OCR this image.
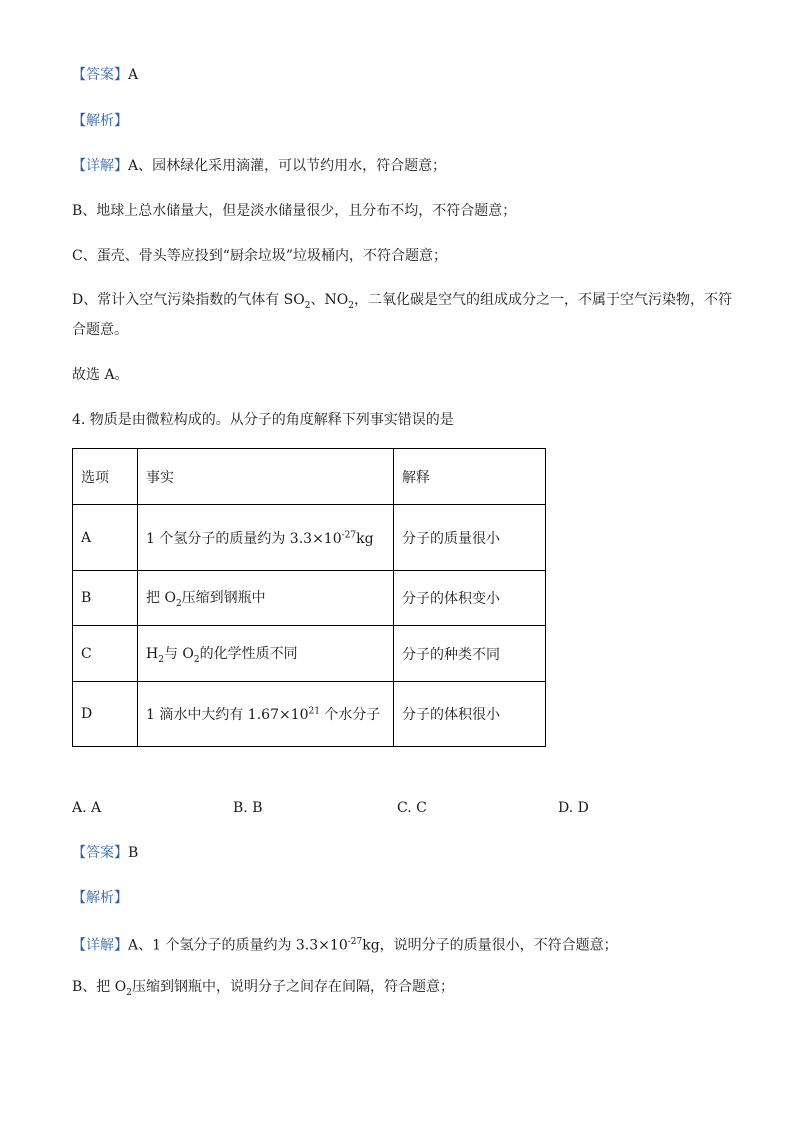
【答案】A
【解析】
【详解】A、园林绿化采用滴灌，可以节约用水，符合题意；
B、地球上总水储量大，但是淡水储量很少，且分布不均，不符合题意；
C、蛋壳、骨头等应投到“厨余垃圾”垃圾桶内，不符合题意；
D、常计入空气污染指数的气体有 $SO_2$、$NO_2$，二氧化碳是空气的组成成分之一，不属于空气污染物，不符
合题意。
故选 A。
4. 物质是由微粒构成的。从分子的角度解释下列事实错误的是
选项	事实	解释
A	1 个氢分子的质量约为 $3.3\times 10^{-27}kg$	分子的质量很小
B	把 $O_2$压缩到钢瓶中	分子的体积变小
C	$H_2$与 $O_2$的化学性质不同	分子的种类不同
D	1 滴水中大约有 $1.67\times 10^{21}$ 个水分子	分子的体积很小
A. A	B. B	C. C	D. D
【答案】B
【解析】
【详解】A、1 个氢分子的质量约为 $3.3\times 10^{-27}kg$，说明分子的质量很小，不符合题意；
B、把 $O_2$压缩到钢瓶中，说明分子之间存在间隔，符合题意；
